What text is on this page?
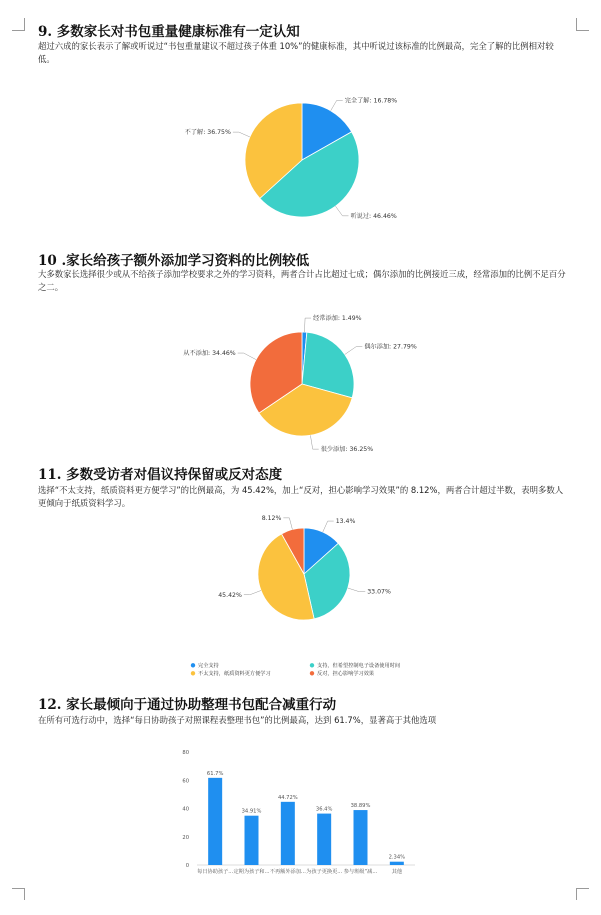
9. 多数家长对书包重量健康标准有一定认知
超过六成的家长表示了解或听说过“书包重量建议不超过孩子体重 10%”的健康标准，其中听说过该标准的比例最高，完全了解的比例相对较低。
完全了解: 16.78%
听说过: 46.46%
不了解: 36.75%
10 .家长给孩子额外添加学习资料的比例较低
大多数家长选择很少或从不给孩子添加学校要求之外的学习资料，两者合计占比超过七成；偶尔添加的比例接近三成，经常添加的比例不足百分之二。
经常添加: 1.49%
偶尔添加: 27.79%
很少添加: 36.25%
从不添加: 34.46%
11. 多数受访者对倡议持保留或反对态度
选择“不太支持，纸质资料更方便学习”的比例最高，为 45.42%，加上“反对，担心影响学习效果”的 8.12%，两者合计超过半数，表明多数人更倾向于纸质资料学习。
13.4%
33.07%
45.42%
8.12%
完全支持	支持，但希望控制电子设备使用时间
不太支持，纸质资料更方便学习	反对，担心影响学习效果
12. 家长最倾向于通过协助整理书包配合减重行动
在所有可选行动中，选择“每日协助孩子对照课程表整理书包”的比例最高，达到 61.7%，显著高于其他选项
0
20
40
60
80
61.7%
每日协助孩子...
34.91%
定期为孩子和...
44.72%
不再额外添加...
36.4%
为孩子更换更...
38.89%
参与班级“减...
2.34%
其他
